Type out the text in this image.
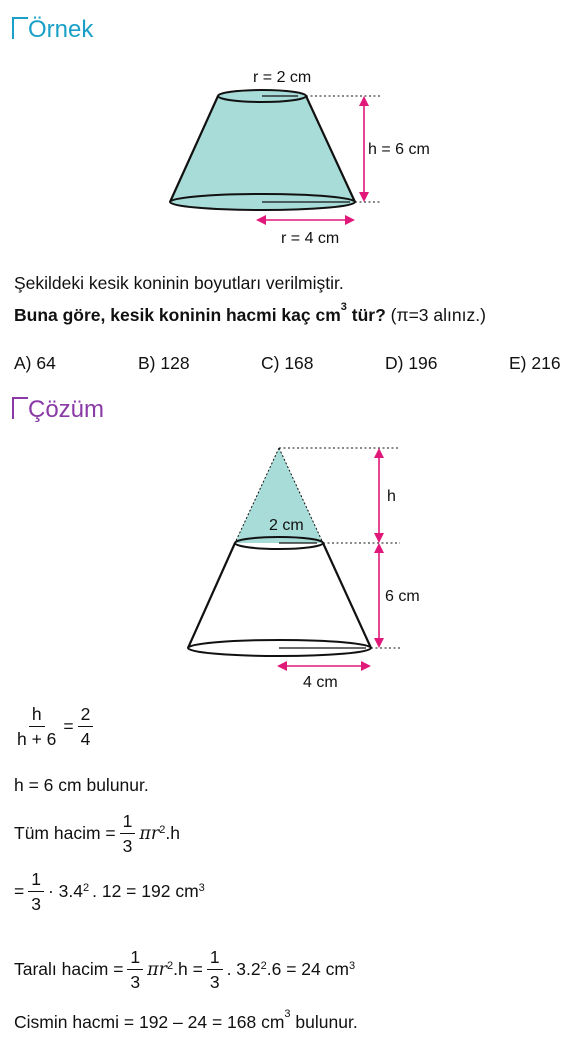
Örnek
r = 2 cm
h = 6 cm
r = 4 cm
Şekildeki kesik koninin boyutları verilmiştir.
Buna göre, kesik koninin hacmi kaç $cm^3$ tür? (π=3 alınız.)
A) 64	B) 128	C) 168	D) 196	E) 216
Çözüm
h
2 cm
6 cm
4 cm
$\frac{h}{h + 6} = \frac{2}{4}$
h = 6 cm bulunur.
Tüm hacim = $\frac{1}{3} \pi r^2$ .h
= $\frac{1}{3} \cdot 3.4^2$ . 12 = 192 $cm^3$
Taralı hacim = $\frac{1}{3} \pi r^2$ $.h = \frac{1}{3}$ . $3.2^2$ .6 = 24 $cm^3$
Cismin hacmi = 192 – 24 = 168 $cm^3$ bulunur.
